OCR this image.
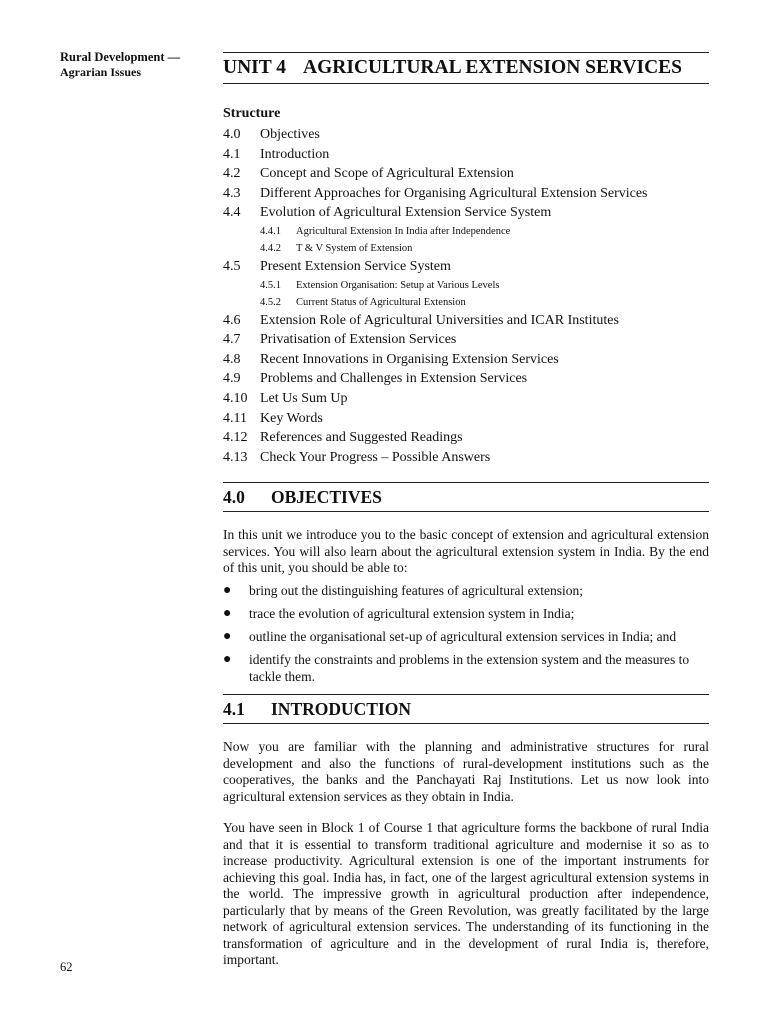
Rural Development —
Agrarian Issues
62
UNIT 4 AGRICULTURAL EXTENSION SERVICES
Structure
4.0	Objectives
4.1	Introduction
4.2	Concept and Scope of Agricultural Extension
4.3	Different Approaches for Organising Agricultural Extension Services
4.4	Evolution of Agricultural Extension Service System
4.4.1	Agricultural Extension In India after Independence
4.4.2	T & V System of Extension
4.5	Present Extension Service System
4.5.1	Extension Organisation: Setup at Various Levels
4.5.2	Current Status of Agricultural Extension
4.6	Extension Role of Agricultural Universities and ICAR Institutes
4.7	Privatisation of Extension Services
4.8	Recent Innovations in Organising Extension Services
4.9	Problems and Challenges in Extension Services
4.10 Let Us Sum Up
4.11 Key Words
4.12 References and Suggested Readings
4.13 Check Your Progress – Possible Answers
4.0	OBJECTIVES

In this unit we introduce you to the basic concept of extension and agricultural extension services. You will also learn about the agricultural extension system in India. By the end of this unit, you should be able to:

●	bring out the distinguishing features of agricultural extension;
●	trace the evolution of agricultural extension system in India;
●	outline the organisational set-up of agricultural extension services in India; and
●	identify the constraints and problems in the extension system and the measures to tackle them.
4.1	INTRODUCTION

Now you are familiar with the planning and administrative structures for rural development and also the functions of rural-development institutions such as the cooperatives, the banks and the Panchayati Raj Institutions. Let us now look into agricultural extension services as they obtain in India.

You have seen in Block 1 of Course 1 that agriculture forms the backbone of rural India and that it is essential to transform traditional agriculture and modernise it so as to increase productivity. Agricultural extension is one of the important instruments for achieving this goal. India has, in fact, one of the largest agricultural extension systems in the world. The impressive growth in agricultural production after independence, particularly that by means of the Green Revolution, was greatly facilitated by the large network of agricultural extension services. The understanding of its functioning in the transformation of agriculture and in the development of rural India is, therefore, important.
